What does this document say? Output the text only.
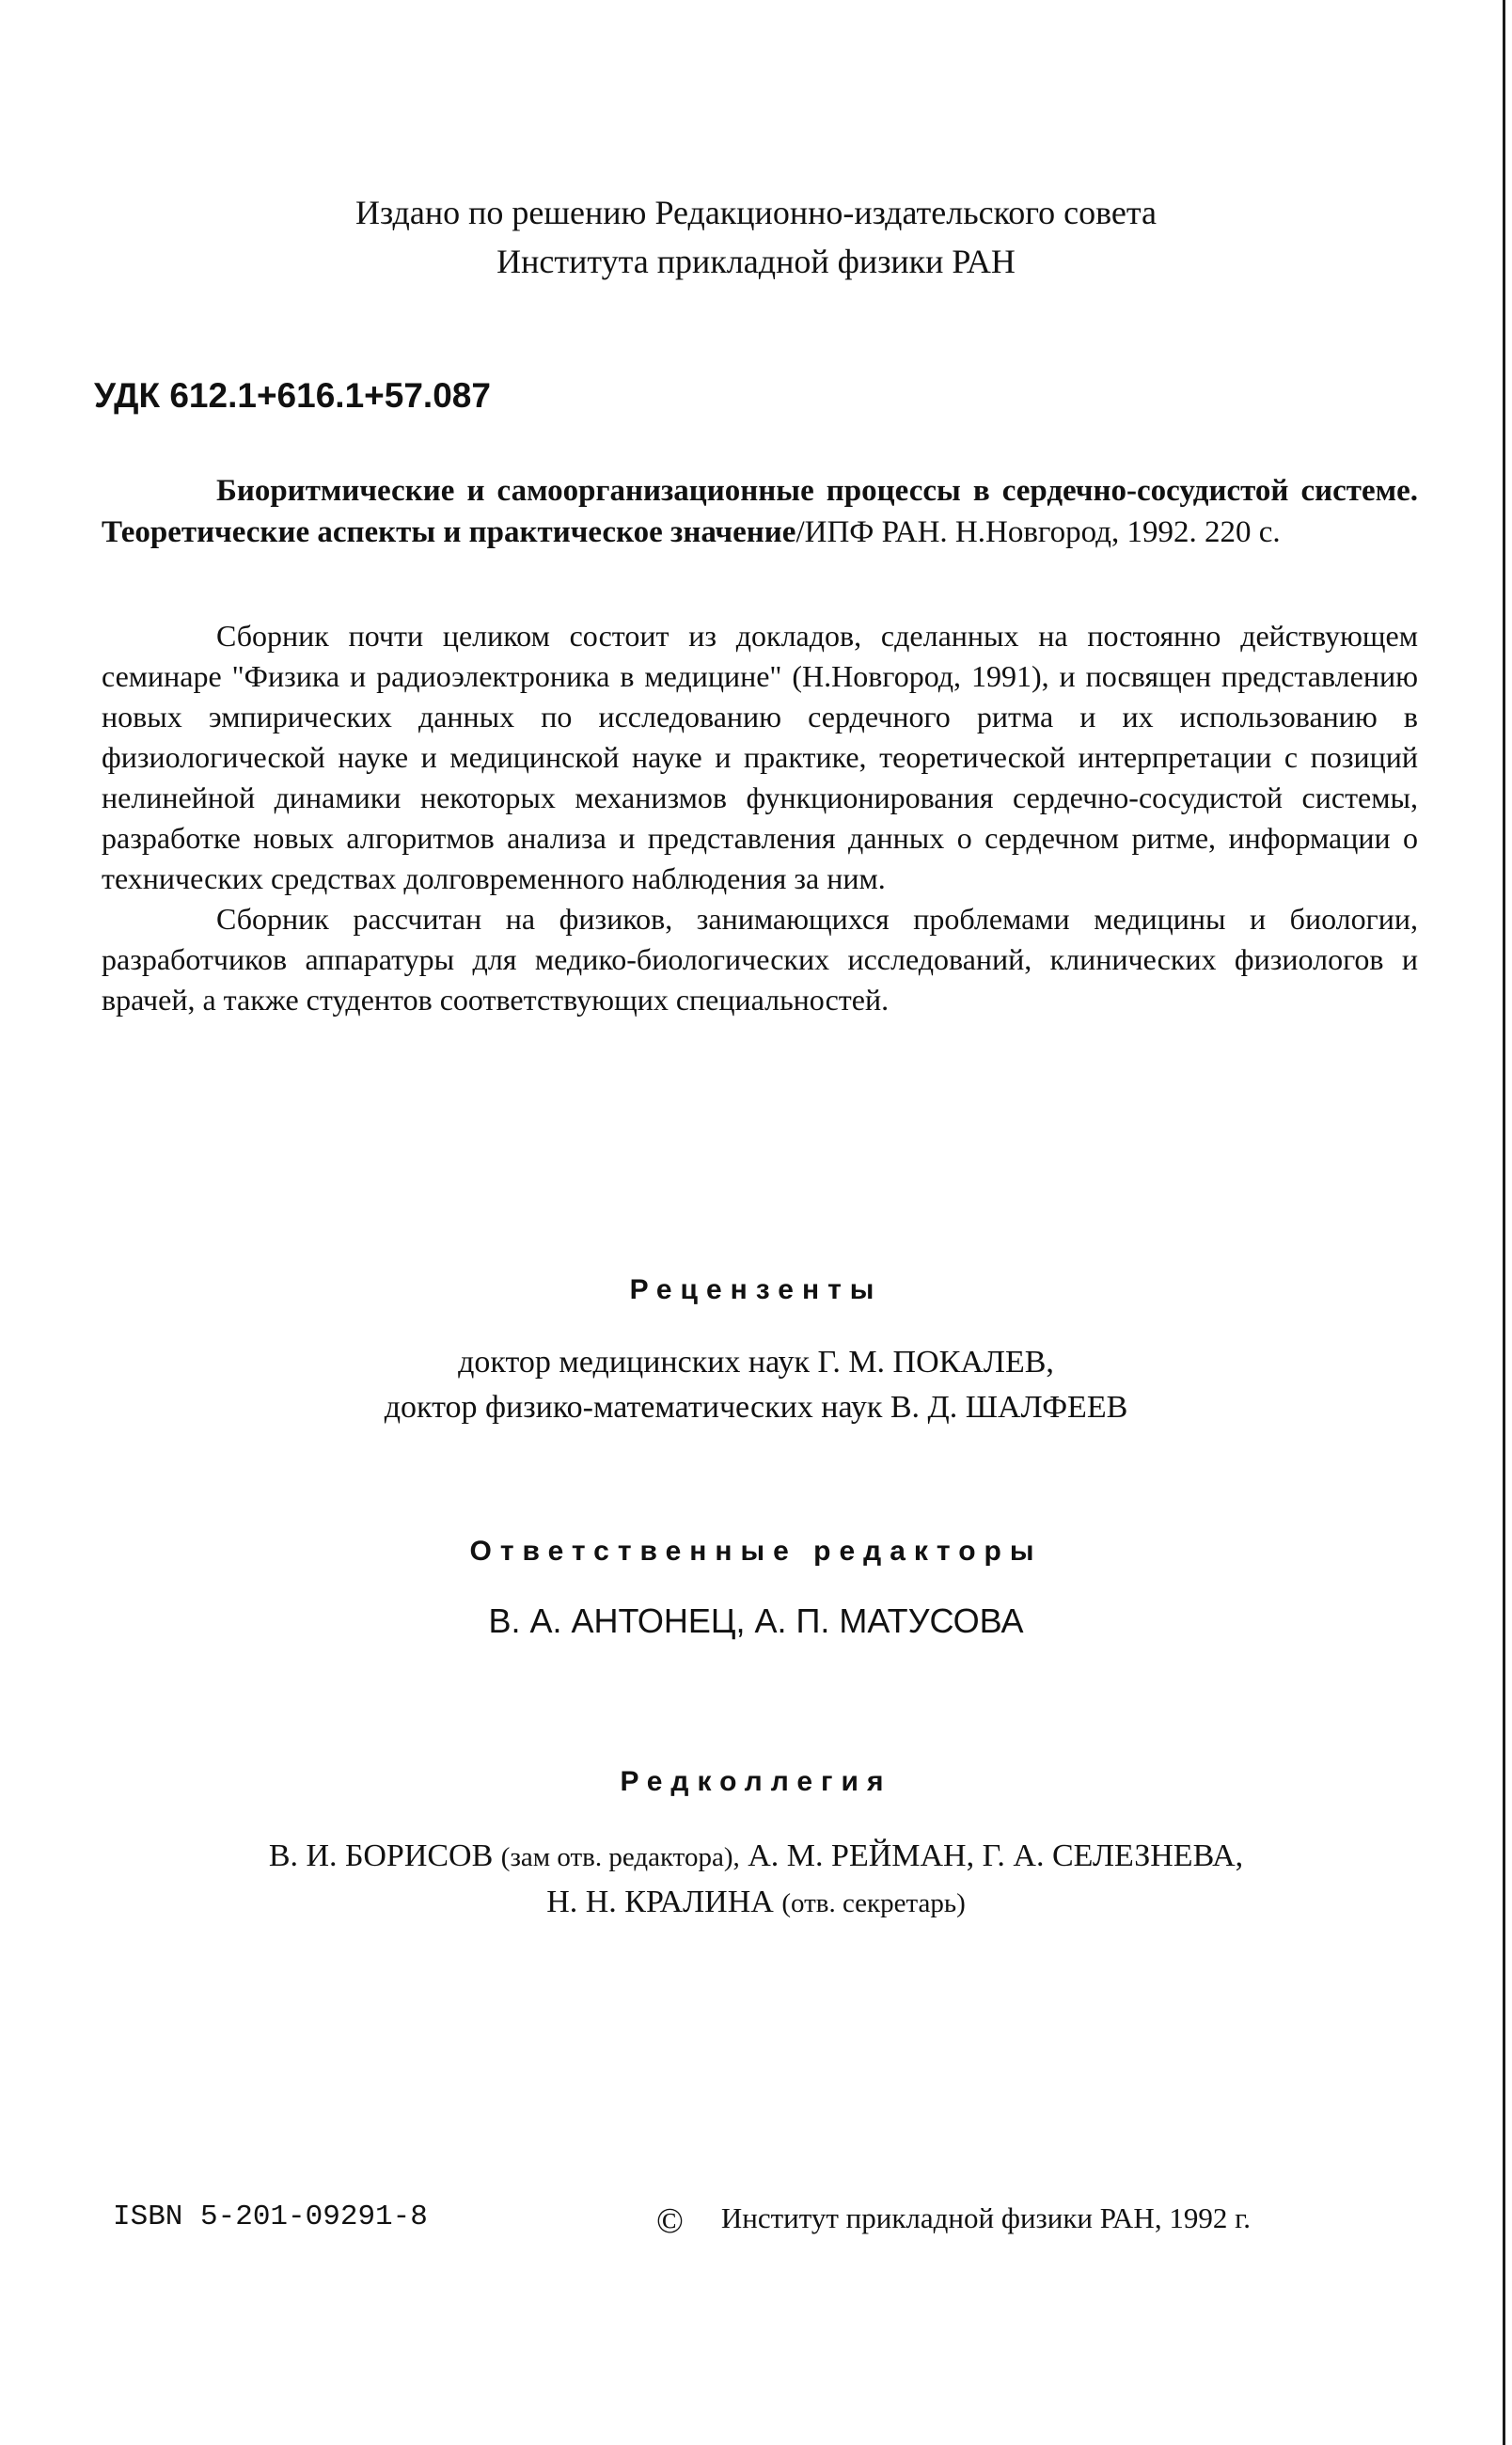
Издано по решению Редакционно-издательского совета
Института прикладной физики РАН
УДК 612.1+616.1+57.087
Биоритмические и самоорганизационные процессы в сердечно-сосудистой системе. Теоретические аспекты и практическое значение/ИПФ РАН. Н.Новгород, 1992. 220 с.

Сборник почти целиком состоит из докладов, сделанных на постоянно действующем семинаре "Физика и радиоэлектроника в медицине" (Н.Новгород, 1991), и посвящен представлению новых эмпирических данных по исследованию сердечного ритма и их использованию в физиологической науке и медицинской науке и практике, теоретической интерпретации с позиций нелинейной динамики некоторых механизмов функционирования сердечно-сосудистой системы, разработке новых алгоритмов анализа и представления данных о сердечном ритме, информации о технических средствах долговременного наблюдения за ним.

Сборник рассчитан на физиков, занимающихся проблемами медицины и биологии, разработчиков аппаратуры для медико-биологических исследований, клинических физиологов и врачей, а также студентов соответствующих специальностей.

Рецензенты
доктор медицинских наук Г. М. ПОКАЛЕВ,
доктор физико-математических наук В. Д. ШАЛФЕЕВ
Ответственные редакторы
В. А. АНТОНЕЦ, А. П. МАТУСОВА
Редколлегия
В. И. БОРИСОВ (зам отв. редактора), А. М. РЕЙМАН, Г. А. СЕЛЕЗНЕВА,
Н. Н. КРАЛИНА (отв. секретарь)
ISBN 5-201-09291-8	© Институт прикладной физики РАН, 1992 г.
